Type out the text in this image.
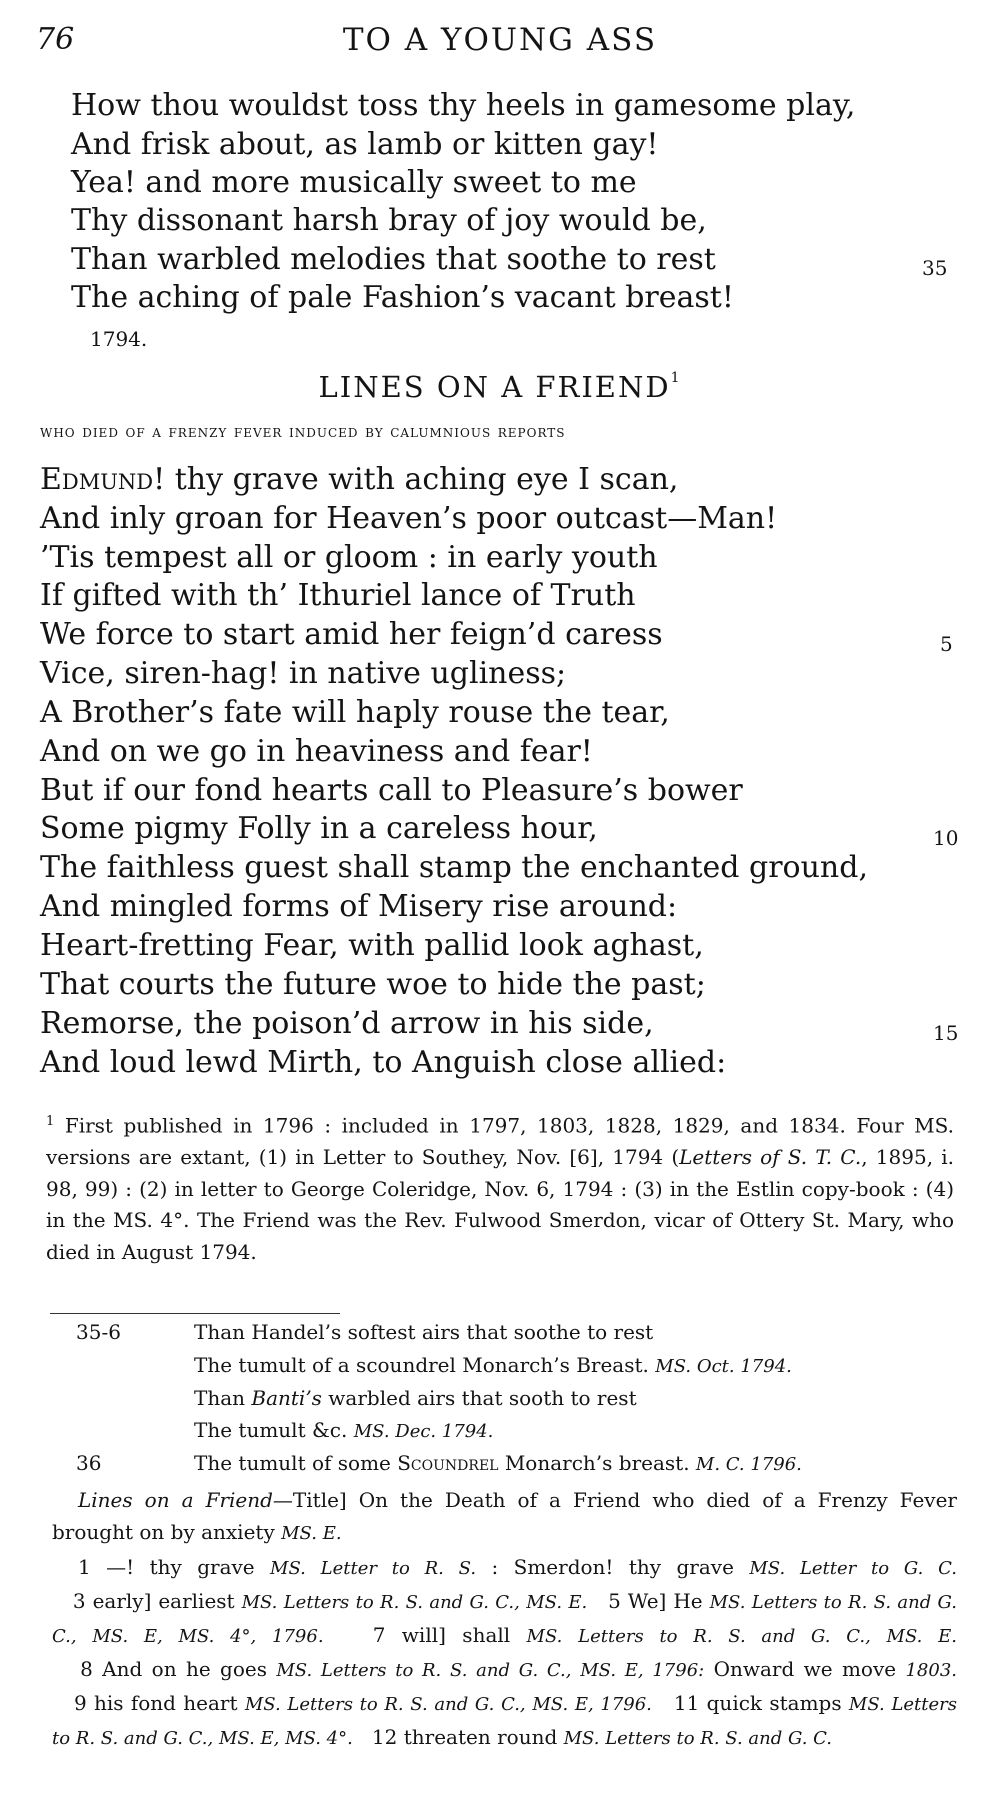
76	TO A YOUNG ASS
How thou wouldst toss thy heels in gamesome play,
And frisk about, as lamb or kitten gay!
Yea! and more musically sweet to me
Thy dissonant harsh bray of joy would be,
Than warbled melodies that soothe to rest	35
The aching of pale Fashion’s vacant breast!
1794.
LINES ON A FRIEND$^1$
who died of a frenzy fever induced by calumnious reports
Edmund! thy grave with aching eye I scan,
And inly groan for Heaven’s poor outcast—Man!
’Tis tempest all or gloom : in early youth
If gifted with th’ Ithuriel lance of Truth
We force to start amid her feign’d caress	5
Vice, siren-hag! in native ugliness;
A Brother’s fate will haply rouse the tear,
And on we go in heaviness and fear!
But if our fond hearts call to Pleasure’s bower
Some pigmy Folly in a careless hour,	10
The faithless guest shall stamp the enchanted ground,
And mingled forms of Misery rise around:
Heart-fretting Fear, with pallid look aghast,
That courts the future woe to hide the past;
Remorse, the poison’d arrow in his side,	15
And loud lewd Mirth, to Anguish close allied:
$^1$ First published in 1796 : included in 1797, 1803, 1828, 1829, and 1834. Four MS. versions are extant, (1) in Letter to Southey, Nov. [6], 1794 (Letters of S. T. C., 1895, i. 98, 99) : (2) in letter to George Coleridge, Nov. 6, 1794 : (3) in the Estlin copy-book : (4) in the MS. 4°. The Friend was the Rev. Fulwood Smerdon, vicar of Ottery St. Mary, who died in August 1794.
35-6	Than Handel’s softest airs that soothe to rest
The tumult of a scoundrel Monarch’s Breast. MS. Oct. 1794.
Than Banti’s warbled airs that sooth to rest
The tumult &c. MS. Dec. 1794.
36	The tumult of some Scoundrel Monarch’s breast. M. C. 1796.
Lines on a Friend—Title] On the Death of a Friend who died of a Frenzy Fever brought on by anxiety MS. E.
1 —! thy grave MS. Letter to R. S. : Smerdon! thy grave MS. Letter to G. C.   3 early] earliest MS. Letters to R. S. and G. C., MS. E.   5 We] He MS. Letters to R. S. and G. C., MS. E, MS. 4°, 1796.   7 will] shall MS. Letters to R. S. and G. C., MS. E.   8 And on he goes MS. Letters to R. S. and G. C., MS. E, 1796: Onward we move 1803.   9 his fond heart MS. Letters to R. S. and G. C., MS. E, 1796.   11 quick stamps MS. Letters to R. S. and G. C., MS. E, MS. 4°.   12 threaten round MS. Letters to R. S. and G. C.
